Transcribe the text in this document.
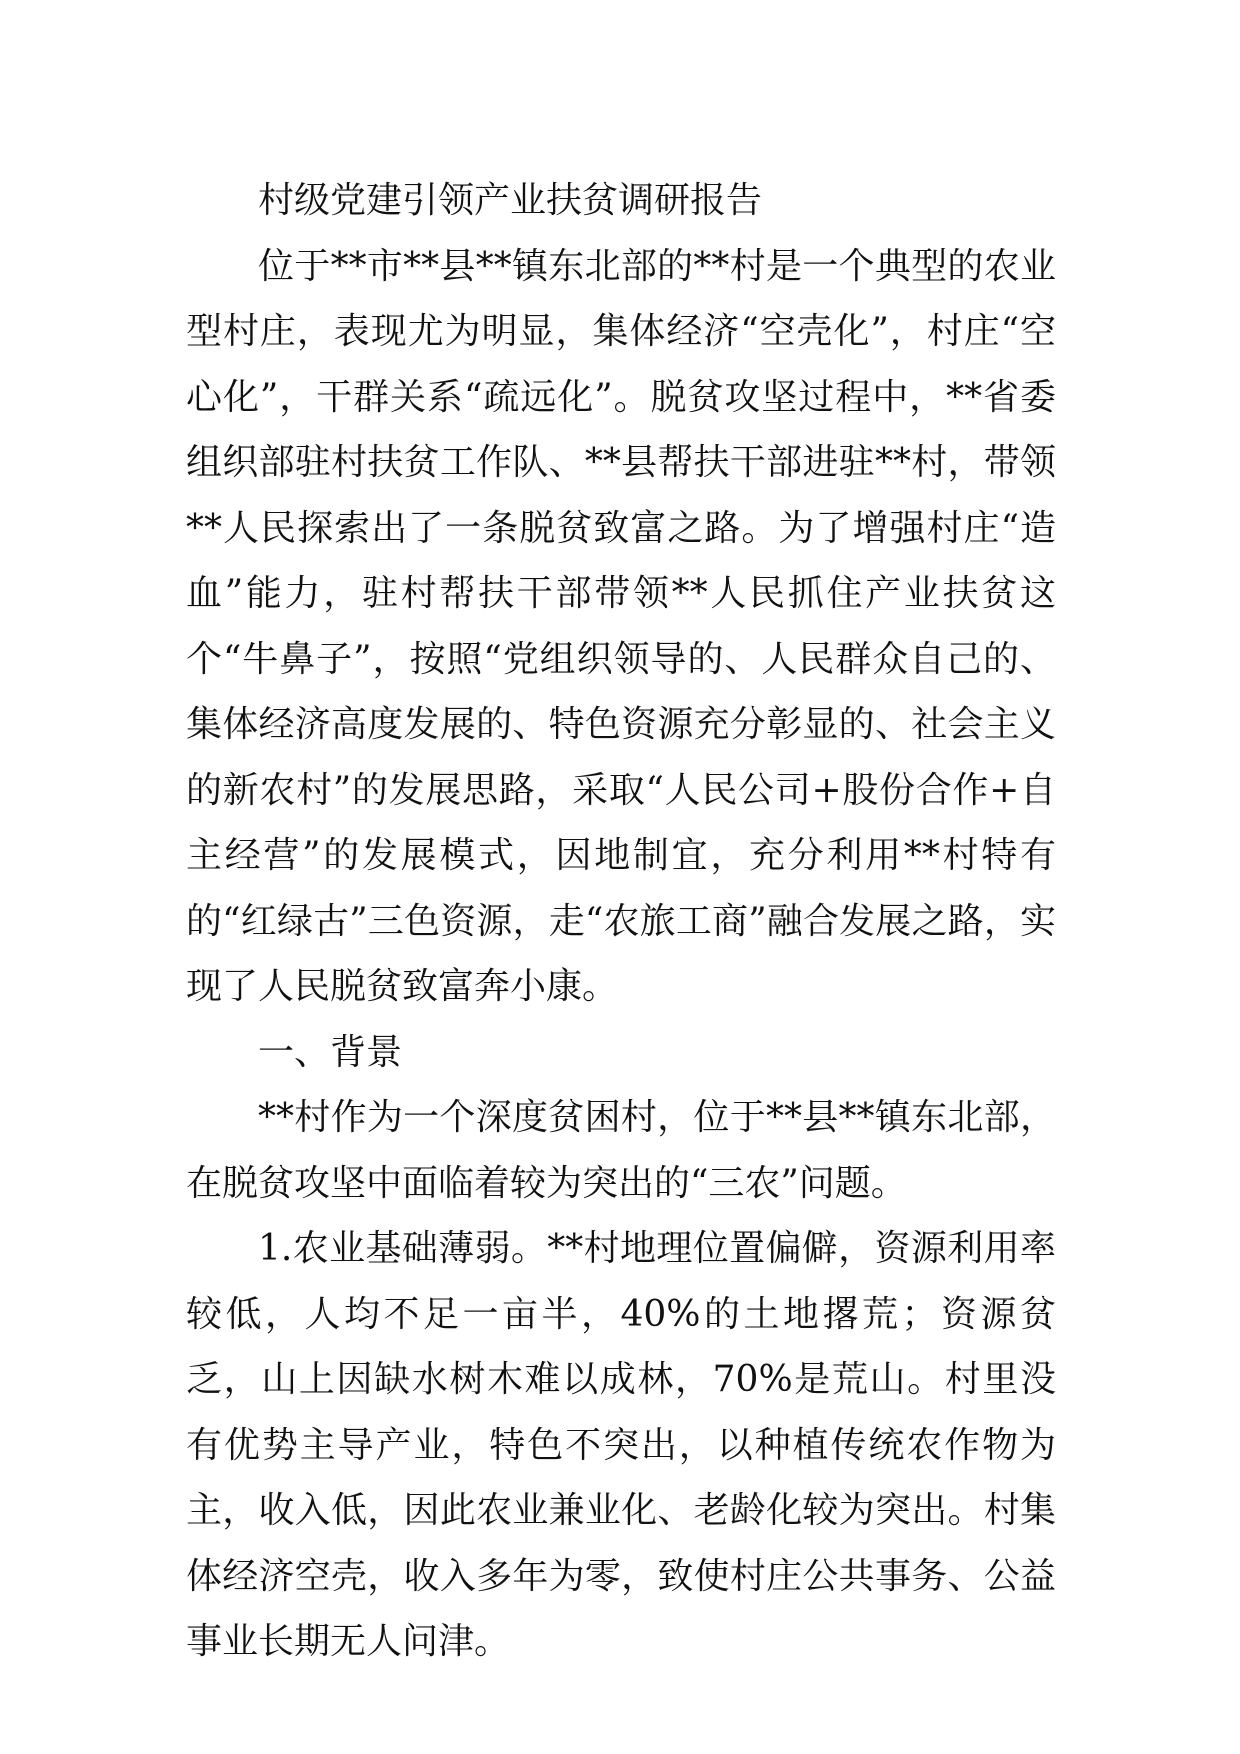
村级党建引领产业扶贫调研报告

位于**市**县**镇东北部的**村是一个典型的农业型村庄，表现尤为明显，集体经济“空壳化”，村庄“空心化”，干群关系“疏远化”。脱贫攻坚过程中，**省委组织部驻村扶贫工作队、**县帮扶干部进驻**村，带领**人民探索出了一条脱贫致富之路。为了增强村庄“造血”能力，驻村帮扶干部带领**人民抓住产业扶贫这个“牛鼻子”，按照“党组织领导的、人民群众自己的、集体经济高度发展的、特色资源充分彰显的、社会主义的新农村”的发展思路，采取“人民公司+股份合作+自主经营”的发展模式，因地制宜，充分利用**村特有的“红绿古”三色资源，走“农旅工商”融合发展之路，实现了人民脱贫致富奔小康。

一、背景

**村作为一个深度贫困村，位于**县**镇东北部，在脱贫攻坚中面临着较为突出的“三农”问题。

1.农业基础薄弱。**村地理位置偏僻，资源利用率较低，人均不足一亩半，40%的土地撂荒；资源贫乏，山上因缺水树木难以成林，70%是荒山。村里没有优势主导产业，特色不突出，以种植传统农作物为主，收入低，因此农业兼业化、老龄化较为突出。村集体经济空壳，收入多年为零，致使村庄公共事务、公益事业长期无人问津。
